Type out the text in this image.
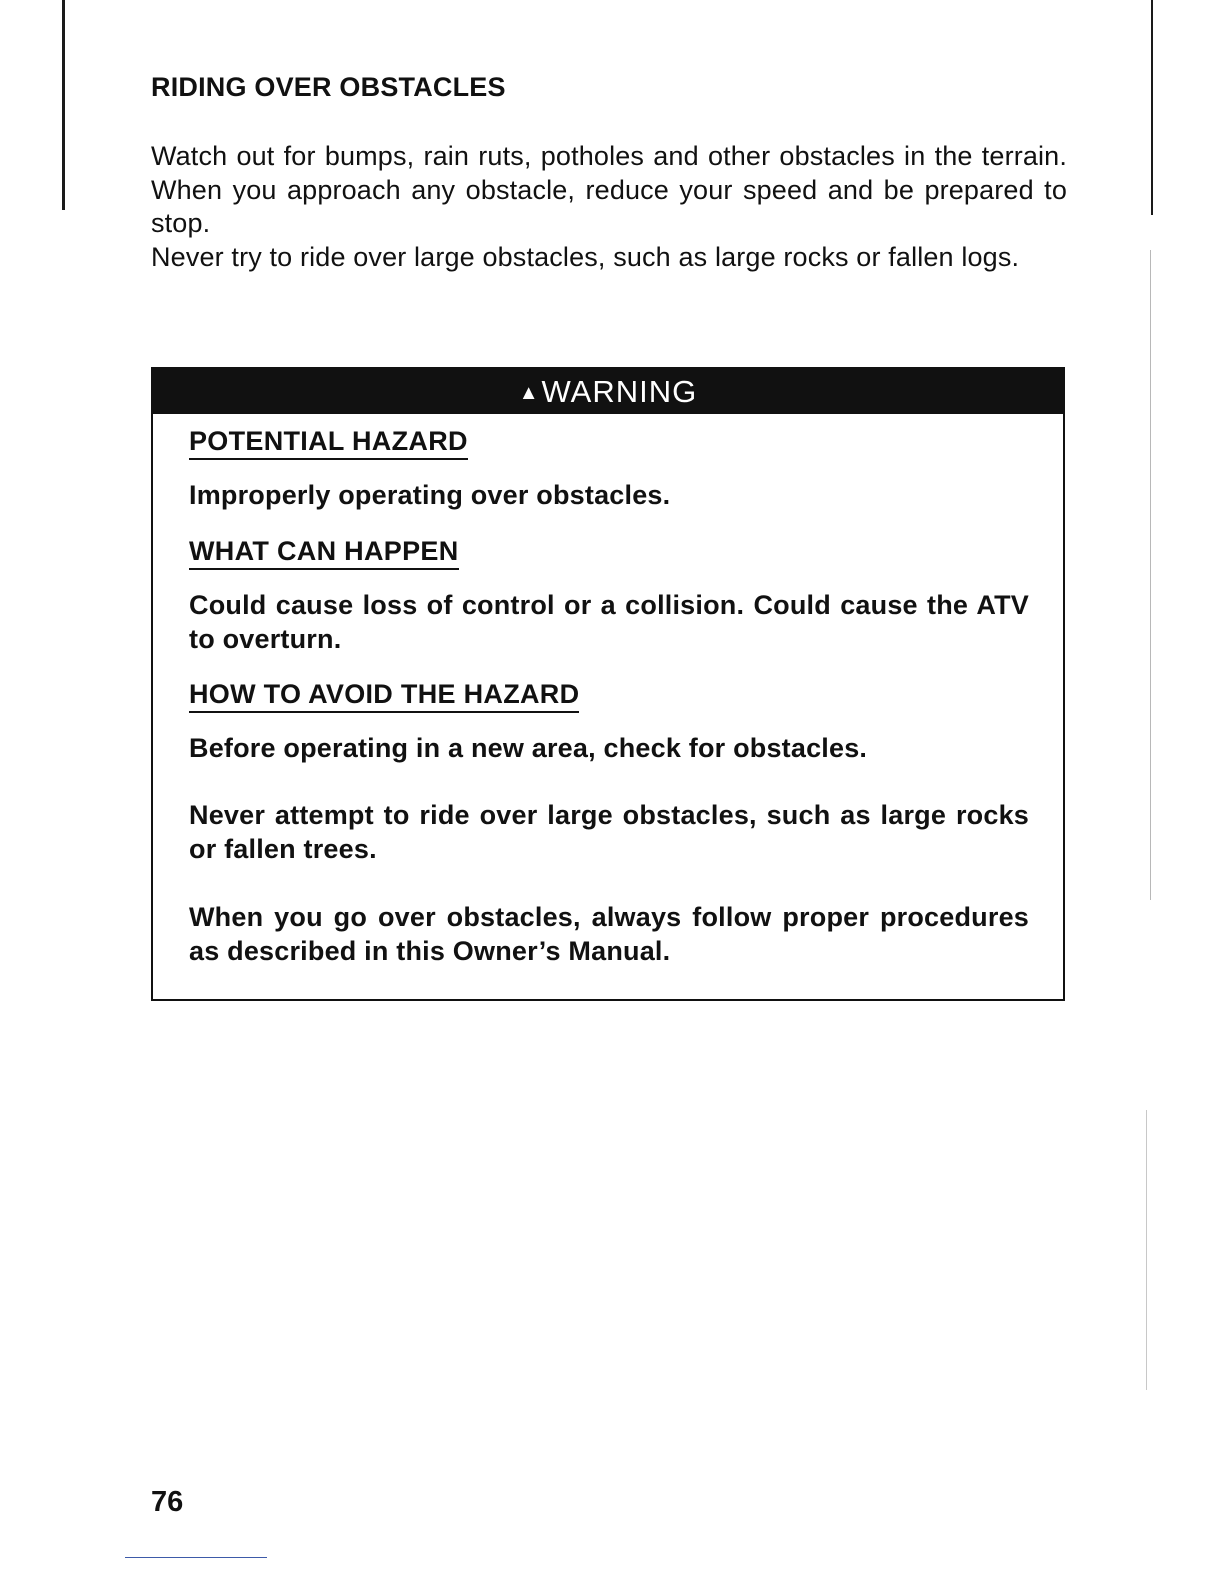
RIDING OVER OBSTACLES

Watch out for bumps, rain ruts, potholes and other obstacles in the terrain. When you approach any obstacle, reduce your speed and be prepared to stop.

Never try to ride over large obstacles, such as large rocks or fallen logs.

▲ WARNING
POTENTIAL HAZARD

Improperly operating over obstacles.

WHAT CAN HAPPEN

Could cause loss of control or a collision. Could cause the ATV to overturn.

HOW TO AVOID THE HAZARD

Before operating in a new area, check for obstacles.

Never attempt to ride over large obstacles, such as large rocks or fallen trees.

When you go over obstacles, always follow proper procedures as described in this Owner’s Manual.

76
